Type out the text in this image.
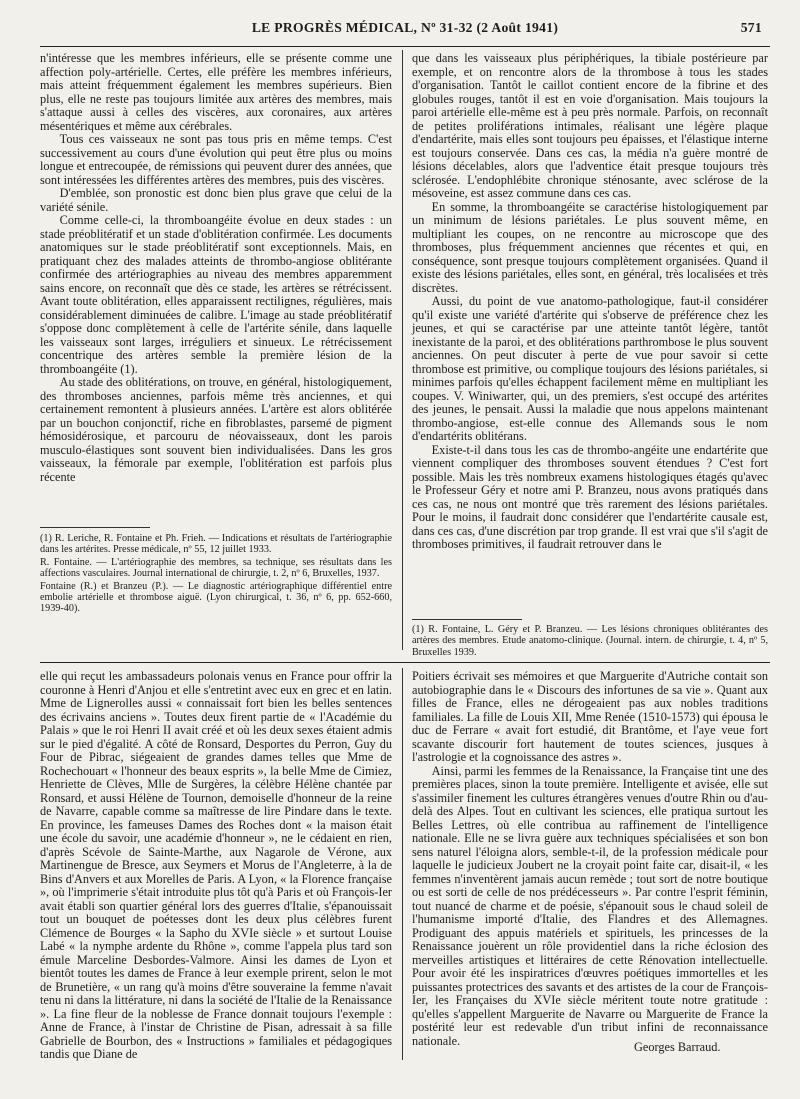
LE PROGRÈS MÉDICAL, Nº 31-32 (2 Août 1941)	571

n'intéresse que les membres inférieurs, elle se présente comme une affection poly-artérielle. Certes, elle préfère les membres inférieurs, mais atteint fréquemment également les membres supérieurs. Bien plus, elle ne reste pas toujours limitée aux artères des membres, mais s'attaque aussi à celles des viscères, aux coronaires, aux artères mésentériques et même aux cérébrales.

Tous ces vaisseaux ne sont pas tous pris en même temps. C'est successivement au cours d'une évolution qui peut être plus ou moins longue et entrecoupée, de rémissions qui peuvent durer des années, que sont intéressées les différentes artères des membres, puis des viscères.

D'emblée, son pronostic est donc bien plus grave que celui de la variété sénile.

Comme celle-ci, la thromboangéite évolue en deux stades : un stade préoblitératif et un stade d'oblitération confirmée. Les documents anatomiques sur le stade préoblitératif sont exceptionnels. Mais, en pratiquant chez des malades atteints de thrombo-angiose oblitérante confirmée des artériographies au niveau des membres apparemment sains encore, on reconnaît que dès ce stade, les artères se rétrécissent. Avant toute oblitération, elles apparaissent rectilignes, régulières, mais considérablement diminuées de calibre. L'image au stade préoblitératif s'oppose donc complètement à celle de l'artérite sénile, dans laquelle les vaisseaux sont larges, irréguliers et sinueux. Le rétrécissement concentrique des artères semble la première lésion de la thromboangéite (1).

Au stade des oblitérations, on trouve, en général, histologiquement, des thromboses anciennes, parfois même très anciennes, et qui certainement remontent à plusieurs années. L'artère est alors oblitérée par un bouchon conjonctif, riche en fibroblastes, parsemé de pigment hémosidérosique, et parcouru de néovaisseaux, dont les parois musculo-élastiques sont souvent bien individualisées. Dans les gros vaisseaux, la fémorale par exemple, l'oblitération est parfois plus récente

(1) R. Leriche, R. Fontaine et Ph. Frieh. — Indications et résultats de l'artériographie dans les artérites. Presse médicale, nº 55, 12 juillet 1933.

R. Fontaine. — L'artériographie des membres, sa technique, ses résultats dans les affections vasculaires. Journal international de chirurgie, t. 2, nº 6, Bruxelles, 1937.

Fontaine (R.) et Branzeu (P.). — Le diagnostic artériographique différentiel entre embolie artérielle et thrombose aiguë. (Lyon chirurgical, t. 36, nº 6, pp. 652-660, 1939-40).

que dans les vaisseaux plus périphériques, la tibiale postérieure par exemple, et on rencontre alors de la thrombose à tous les stades d'organisation. Tantôt le caillot contient encore de la fibrine et des globules rouges, tantôt il est en voie d'organisation. Mais toujours la paroi artérielle elle-même est à peu près normale. Parfois, on reconnaît de petites proliférations intimales, réalisant une légère plaque d'endartérite, mais elles sont toujours peu épaisses, et l'élastique interne est toujours conservée. Dans ces cas, la média n'a guère montré de lésions décelables, alors que l'adventice était presque toujours très sclérosée. L'endophlébite chronique sténosante, avec sclérose de la mésoveine, est assez commune dans ces cas.

En somme, la thromboangéite se caractérise histologiquement par un minimum de lésions pariétales. Le plus souvent même, en multipliant les coupes, on ne rencontre au microscope que des thromboses, plus fréquemment anciennes que récentes et qui, en conséquence, sont presque toujours complètement organisées. Quand il existe des lésions pariétales, elles sont, en général, très localisées et très discrètes.

Aussi, du point de vue anatomo-pathologique, faut-il considérer qu'il existe une variété d'artérite qui s'observe de préférence chez les jeunes, et qui se caractérise par une atteinte tantôt légère, tantôt inexistante de la paroi, et des oblitérations parthrombose le plus souvent anciennes. On peut discuter à perte de vue pour savoir si cette thrombose est primitive, ou complique toujours des lésions pariétales, si minimes parfois qu'elles échappent facilement même en multipliant les coupes. V. Winiwarter, qui, un des premiers, s'est occupé des artérites des jeunes, le pensait. Aussi la maladie que nous appelons maintenant thrombo-angiose, est-elle connue des Allemands sous le nom d'endartérits oblitérans.

Existe-t-il dans tous les cas de thrombo-angéite une endartérite que viennent compliquer des thromboses souvent étendues ? C'est fort possible. Mais les très nombreux examens histologiques étagés qu'avec le Professeur Géry et notre ami P. Branzeu, nous avons pratiqués dans ces cas, ne nous ont montré que très rarement des lésions pariétales. Pour le moins, il faudrait donc considérer que l'endartérite causale est, dans ces cas, d'une discrétion par trop grande. Il est vrai que s'il s'agit de thromboses primitives, il faudrait retrouver dans le

(1) R. Fontaine, L. Géry et P. Branzeu. — Les lésions chroniques oblitérantes des artères des membres. Etude anatomo-clinique. (Journal. intern. de chirurgie, t. 4, nº 5, Bruxelles 1939.

elle qui reçut les ambassadeurs polonais venus en France pour offrir la couronne à Henri d'Anjou et elle s'entretint avec eux en grec et en latin. Mme de Lignerolles aussi « connaissait fort bien les belles sentences des écrivains anciens ». Toutes deux firent partie de « l'Académie du Palais » que le roi Henri II avait créé et où les deux sexes étaient admis sur le pied d'égalité. A côté de Ronsard, Desportes du Perron, Guy du Four de Pibrac, siégeaient de grandes dames telles que Mme de Rochechouart « l'honneur des beaux esprits », la belle Mme de Cimiez, Henriette de Clèves, Mlle de Surgères, la célèbre Hélène chantée par Ronsard, et aussi Hélène de Tournon, demoiselle d'honneur de la reine de Navarre, capable comme sa maîtresse de lire Pindare dans le texte. En province, les fameuses Dames des Roches dont « la maison était une école du savoir, une académie d'honneur », ne le cédaient en rien, d'après Scévole de Sainte-Marthe, aux Nagarole de Vérone, aux Martinengue de Bresce, aux Seymers et Morus de l'Angleterre, à la de Bins d'Anvers et aux Morelles de Paris. A Lyon, « la Florence française », où l'imprimerie s'était introduite plus tôt qu'à Paris et où François-Ier avait établi son quartier général lors des guerres d'Italie, s'épanouissait tout un bouquet de poétesses dont les deux plus célèbres furent Clémence de Bourges « la Sapho du XVIe siècle » et surtout Louise Labé « la nymphe ardente du Rhône », comme l'appela plus tard son émule Marceline Desbordes-Valmore. Ainsi les dames de Lyon et bientôt toutes les dames de France à leur exemple prirent, selon le mot de Brunetière, « un rang qu'à moins d'être souveraine la femme n'avait tenu ni dans la littérature, ni dans la société de l'Italie de la Renaissance ». La fine fleur de la noblesse de France donnait toujours l'exemple : Anne de France, à l'instar de Christine de Pisan, adressait à sa fille Gabrielle de Bourbon, des « Instructions » familiales et pédagogiques tandis que Diane de

Poitiers écrivait ses mémoires et que Marguerite d'Autriche contait son autobiographie dans le « Discours des infortunes de sa vie ». Quant aux filles de France, elles ne dérogeaient pas aux nobles traditions familiales. La fille de Louis XII, Mme Renée (1510-1573) qui épousa le duc de Ferrare « avait fort estudié, dit Brantôme, et l'aye veue fort scavante discourir fort hautement de toutes sciences, jusques à l'astrologie et la cognoissance des astres ».

Ainsi, parmi les femmes de la Renaissance, la Française tint une des premières places, sinon la toute première. Intelligente et avisée, elle sut s'assimiler finement les cultures étrangères venues d'outre Rhin ou d'au-delà des Alpes. Tout en cultivant les sciences, elle pratiqua surtout les Belles Lettres, où elle contribua au raffinement de l'intelligence nationale. Elle ne se livra guère aux techniques spécialisées et son bon sens naturel l'éloigna alors, semble-t-il, de la profession médicale pour laquelle le judicieux Joubert ne la croyait point faite car, disait-il, « les femmes n'inventèrent jamais aucun remède ; tout sort de notre boutique ou est sorti de celle de nos prédécesseurs ». Par contre l'esprit féminin, tout nuancé de charme et de poésie, s'épanouit sous le chaud soleil de l'humanisme importé d'Italie, des Flandres et des Allemagnes. Prodiguant des appuis matériels et spirituels, les princesses de la Renaissance jouèrent un rôle providentiel dans la riche éclosion des merveilles artistiques et littéraires de cette Rénovation intellectuelle. Pour avoir été les inspiratrices d'œuvres poétiques immortelles et les puissantes protectrices des savants et des artistes de la cour de François-Ier, les Françaises du XVIe siècle méritent toute notre gratitude : qu'elles s'appellent Marguerite de Navarre ou Marguerite de France la postérité leur est redevable d'un tribut infini de reconnaissance nationale.	Georges Barraud.
